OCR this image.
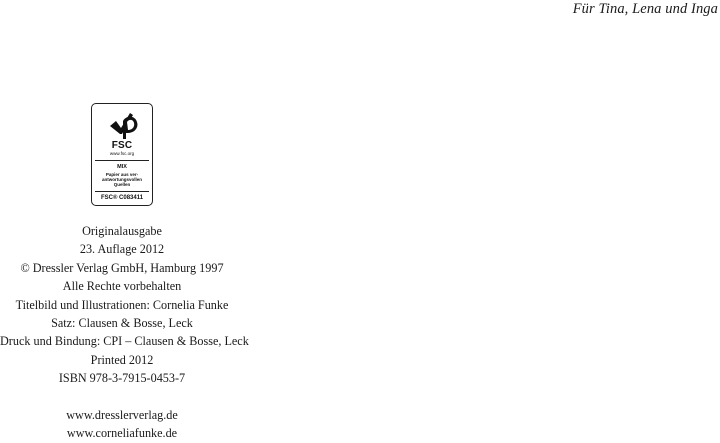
Für Tina, Lena und Inga
FSC
www.fsc.org
MIX
Papier aus ver-
antwortungsvollen
Quellen
FSC® C083411
Originalausgabe
23. Auflage 2012
© Dressler Verlag GmbH, Hamburg 1997
Alle Rechte vorbehalten
Titelbild und Illustrationen: Cornelia Funke
Satz: Clausen & Bosse, Leck
Druck und Bindung: CPI – Clausen & Bosse, Leck
Printed 2012
ISBN 978-3-7915-0453-7
www.dresslerverlag.de
www.corneliafunke.de
